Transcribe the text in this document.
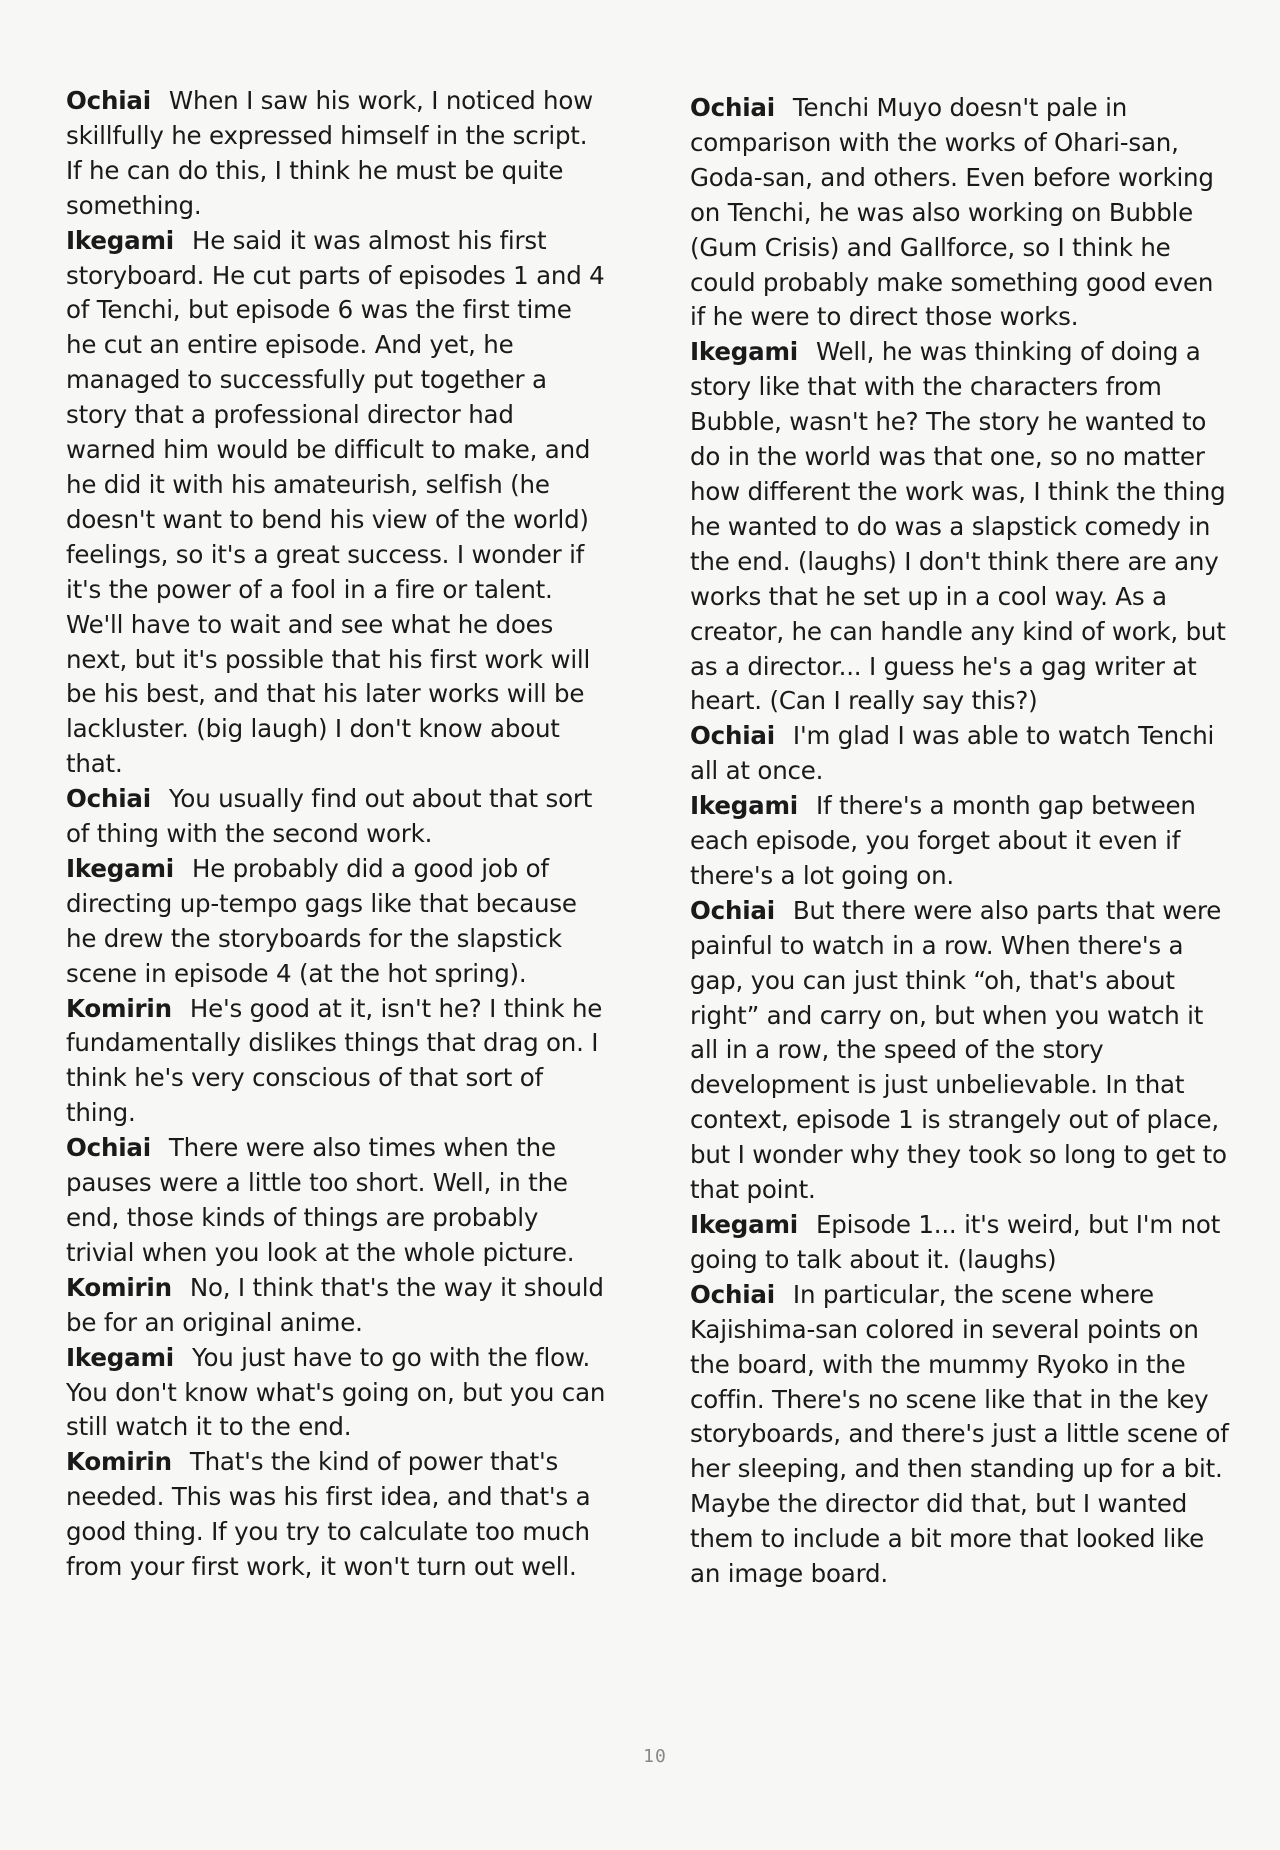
Ochiai When I saw his work, I noticed how skillfully he expressed himself in the script. If he can do this, I think he must be quite something.

Ikegami He said it was almost his first storyboard. He cut parts of episodes 1 and 4 of Tenchi, but episode 6 was the first time he cut an entire episode. And yet, he managed to successfully put together a story that a professional director had warned him would be difficult to make, and he did it with his amateurish, selfish (he doesn't want to bend his view of the world) feelings, so it's a great success. I wonder if it's the power of a fool in a fire or talent. We'll have to wait and see what he does next, but it's possible that his first work will be his best, and that his later works will be lackluster. (big laugh) I don't know about that.

Ochiai You usually find out about that sort of thing with the second work.

Ikegami He probably did a good job of directing up-tempo gags like that because he drew the storyboards for the slapstick scene in episode 4 (at the hot spring).

Komirin He's good at it, isn't he? I think he fundamentally dislikes things that drag on. I think he's very conscious of that sort of thing.

Ochiai There were also times when the pauses were a little too short. Well, in the end, those kinds of things are probably trivial when you look at the whole picture.

Komirin No, I think that's the way it should be for an original anime.

Ikegami You just have to go with the flow. You don't know what's going on, but you can still watch it to the end.

Komirin That's the kind of power that's needed. This was his first idea, and that's a good thing. If you try to calculate too much from your first work, it won't turn out well.

Ochiai Tenchi Muyo doesn't pale in comparison with the works of Ohari-san, Goda-san, and others. Even before working on Tenchi, he was also working on Bubble (Gum Crisis) and Gallforce, so I think he could probably make something good even if he were to direct those works.

Ikegami Well, he was thinking of doing a story like that with the characters from Bubble, wasn't he? The story he wanted to do in the world was that one, so no matter how different the work was, I think the thing he wanted to do was a slapstick comedy in the end. (laughs) I don't think there are any works that he set up in a cool way. As a creator, he can handle any kind of work, but as a director... I guess he's a gag writer at heart. (Can I really say this?)

Ochiai I'm glad I was able to watch Tenchi all at once.

Ikegami If there's a month gap between each episode, you forget about it even if there's a lot going on.

Ochiai But there were also parts that were painful to watch in a row. When there's a gap, you can just think “oh, that's about right” and carry on, but when you watch it all in a row, the speed of the story development is just unbelievable. In that context, episode 1 is strangely out of place, but I wonder why they took so long to get to that point.

Ikegami Episode 1... it's weird, but I'm not going to talk about it. (laughs)

Ochiai In particular, the scene where Kajishima-san colored in several points on the board, with the mummy Ryoko in the coffin. There's no scene like that in the key storyboards, and there's just a little scene of her sleeping, and then standing up for a bit. Maybe the director did that, but I wanted them to include a bit more that looked like an image board.

10
